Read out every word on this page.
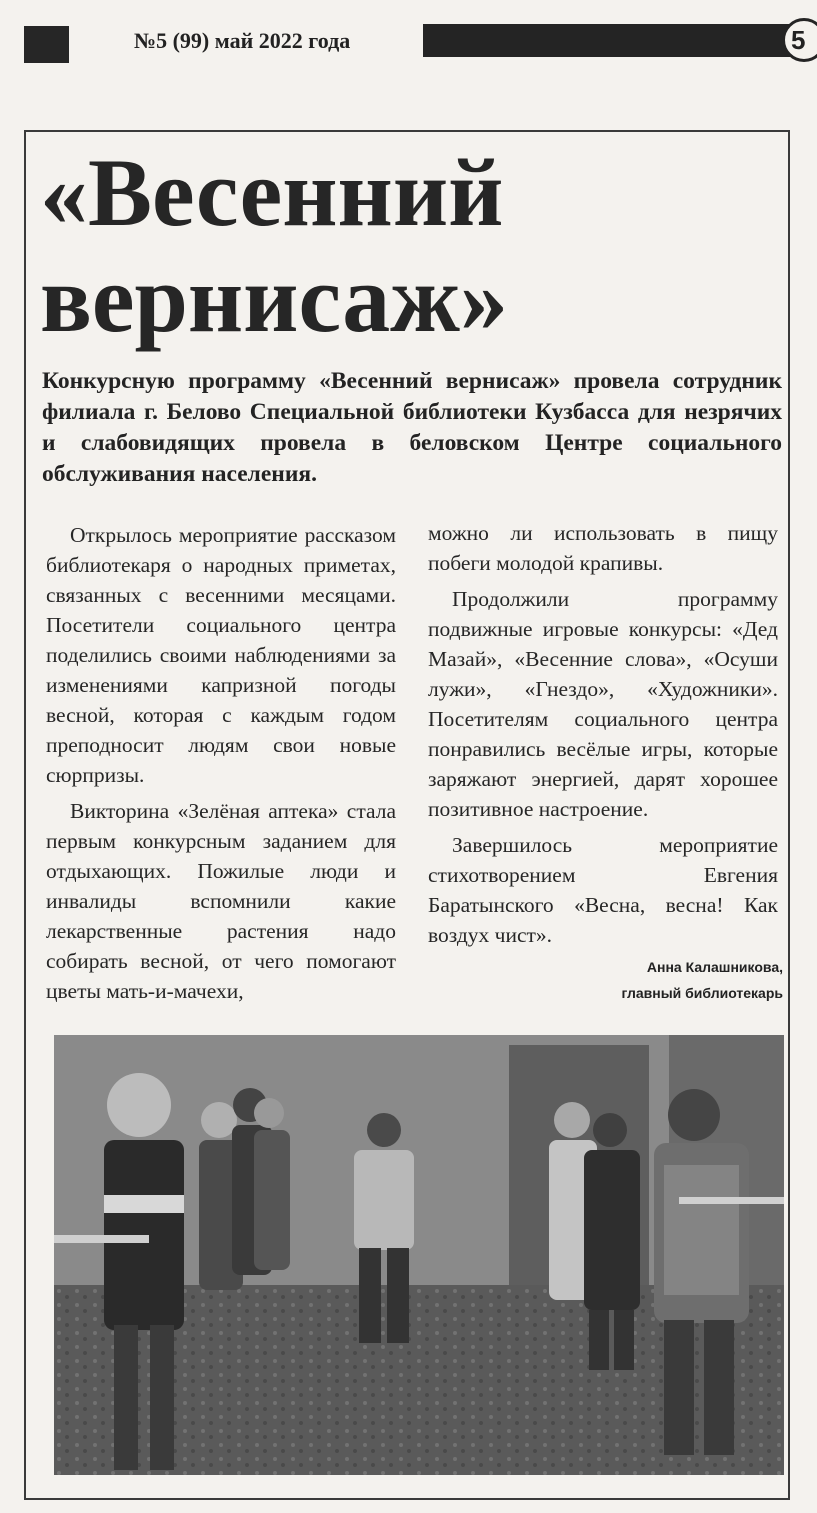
№5 (99) май 2022 года	5
«Весенний
вернисаж»

Конкурсную программу «Весенний вернисаж» провела сотрудник филиала г. Белово Специальной библиотеки Кузбасса для незрячих и слабовидящих провела в беловском Центре социального обслуживания населения.

Открылось мероприятие рассказом библиотекаря о народных приметах, связанных с весенними месяцами. Посетители социального центра поделились своими наблюдениями за изменениями капризной погоды весной, которая с каждым годом преподносит людям свои новые сюрпризы.

Викторина «Зелёная аптека» стала первым конкурсным заданием для отдыхающих. Пожилые люди и инвалиды вспомнили какие лекарственные растения надо собирать весной, от чего помогают цветы мать-и-мачехи,

можно ли использовать в пищу побеги молодой крапивы.

Продолжили программу подвижные игровые конкурсы: «Дед Мазай», «Весенние слова», «Осуши лужи», «Гнездо», «Художники». Посетителям социального центра понравились весёлые игры, которые заряжают энергией, дарят хорошее позитивное настроение.

Завершилось мероприятие стихотворением Евгения Баратынского «Весна, весна! Как воздух чист».

Анна Калашникова,
главный библиотекарь
